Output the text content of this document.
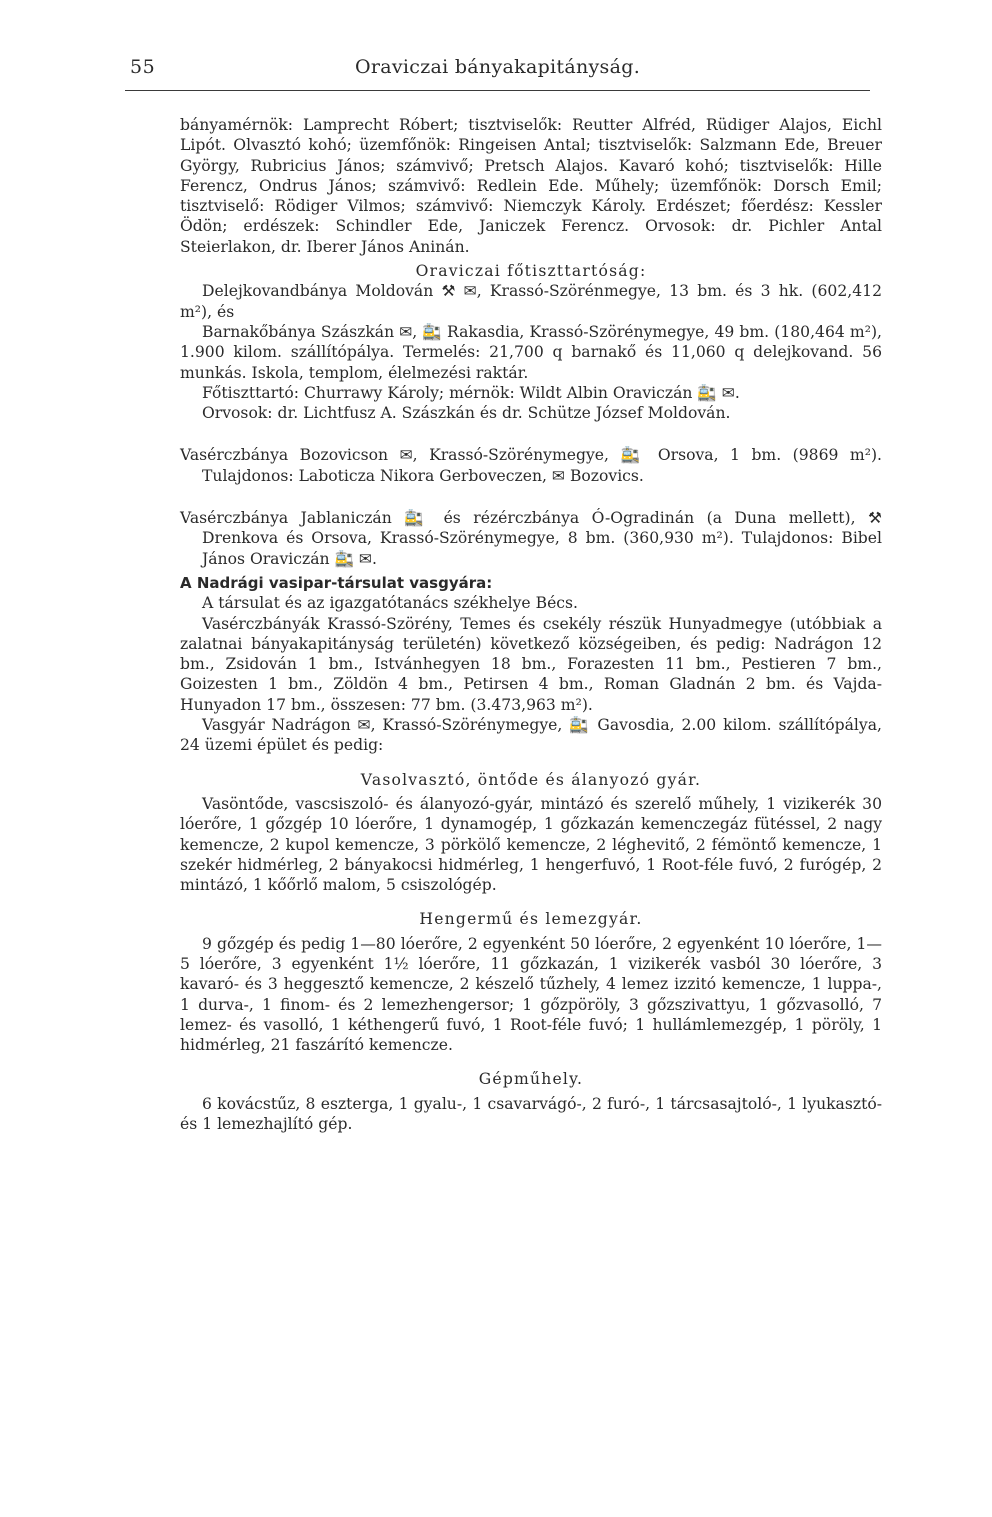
55	Oraviczai bányakapitányság.

bányamérnök: Lamprecht Róbert; tisztviselők: Reutter Alfréd, Rüdiger Alajos, Eichl Lipót. Olvasztó kohó; üzemfőnök: Ringeisen Antal; tisztviselők: Salzmann Ede, Breuer György, Rubricius János; számvivő; Pretsch Alajos. Kavaró kohó; tisztviselők: Hille Ferencz, Ondrus János; számvivő: Redlein Ede. Műhely; üzemfőnök: Dorsch Emil; tisztviselő: Rödiger Vilmos; számvivő: Niemczyk Károly. Erdészet; főerdész: Kessler Ödön; erdészek: Schindler Ede, Janiczek Ferencz. Orvosok: dr. Pichler Antal Steierlakon, dr. Iberer János Aninán.

Oraviczai főtiszttartóság:

Delejkovandbánya Moldován ⚒ ✉, Krassó-Szörénmegye, 13 bm. és 3 hk. (602,412 m²), és

Barnakőbánya Szászkán ✉, 🚉 Rakasdia, Krassó-Szörénymegye, 49 bm. (180,464 m²), 1.900 kilom. szállítópálya. Termelés: 21,700 q barnakő és 11,060 q delejkovand. 56 munkás. Iskola, templom, élelmezési raktár.

Főtiszttartó: Churrawy Károly; mérnök: Wildt Albin Oraviczán 🚉 ✉.

Orvosok: dr. Lichtfusz A. Szászkán és dr. Schütze József Moldován.

Vasérczbánya Bozovicson ✉, Krassó-Szörénymegye, 🚉 Orsova, 1 bm. (9869 m²). Tulajdonos: Laboticza Nikora Gerboveczen, ✉ Bozovics.

Vasérczbánya Jablaniczán 🚉 és rézérczbánya Ó-Ogradinán (a Duna mellett), ⚒ Drenkova és Orsova, Krassó-Szörénymegye, 8 bm. (360,930 m²). Tulajdonos: Bibel János Oraviczán 🚉 ✉.

A Nadrági vasipar-társulat vasgyára:

A társulat és az igazgatótanács székhelye Bécs.

Vasérczbányák Krassó-Szörény, Temes és csekély részük Hunyadmegye (utóbbiak a zalatnai bányakapitányság területén) következő községeiben, és pedig: Nadrágon 12 bm., Zsidován 1 bm., Istvánhegyen 18 bm., Forazesten 11 bm., Pestieren 7 bm., Goizesten 1 bm., Zöldön 4 bm., Petirsen 4 bm., Roman Gladnán 2 bm. és Vajda-Hunyadon 17 bm., összesen: 77 bm. (3.473,963 m²).

Vasgyár Nadrágon ✉, Krassó-Szörénymegye, 🚉 Gavosdia, 2.00 kilom. szállítópálya, 24 üzemi épület és pedig:

Vasolvasztó, öntőde és álanyozó gyár.

Vasöntőde, vascsiszoló- és álanyozó-gyár, mintázó és szerelő műhely, 1 vizikerék 30 lóerőre, 1 gőzgép 10 lóerőre, 1 dynamogép, 1 gőzkazán kemenczegáz fütéssel, 2 nagy kemencze, 2 kupol kemencze, 3 pörkölő kemencze, 2 léghevitő, 2 fémöntő kemencze, 1 szekér hidmérleg, 2 bányakocsi hidmérleg, 1 hengerfuvó, 1 Root-féle fuvó, 2 furógép, 2 mintázó, 1 kőőrlő malom, 5 csiszológép.

Hengermű és lemezgyár.

9 gőzgép és pedig 1—80 lóerőre, 2 egyenként 50 lóerőre, 2 egyenként 10 lóerőre, 1—5 lóerőre, 3 egyenként 1½ lóerőre, 11 gőzkazán, 1 vizikerék vasból 30 lóerőre, 3 kavaró- és 3 heggesztő kemencze, 2 készelő tűzhely, 4 lemez izzitó kemencze, 1 luppa-, 1 durva-, 1 finom- és 2 lemezhengersor; 1 gőzpöröly, 3 gőzszivattyu, 1 gőzvasolló, 7 lemez- és vasolló, 1 kéthengerű fuvó, 1 Root-féle fuvó; 1 hullámlemezgép, 1 pöröly, 1 hidmérleg, 21 faszárító kemencze.

Gépműhely.

6 kovácstűz, 8 eszterga, 1 gyalu-, 1 csavarvágó-, 2 furó-, 1 tárcsasajtoló-, 1 lyukasztó- és 1 lemezhajlító gép.
